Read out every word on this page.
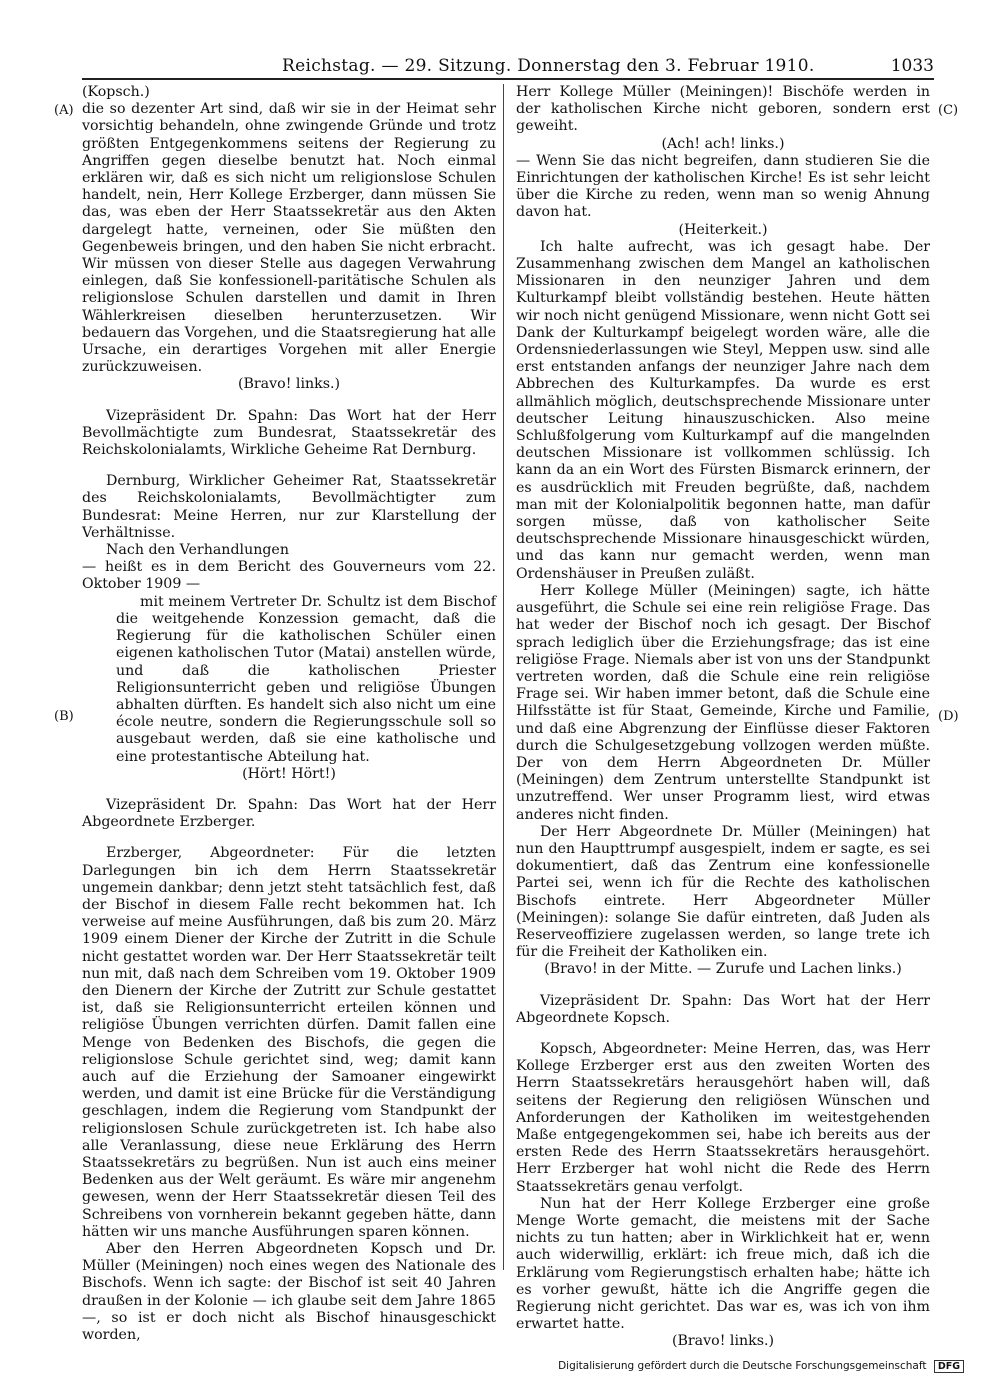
Reichstag. — 29. Sitzung. Donnerstag den 3. Februar 1910.	1033
(A)
(B)
(C)
(D)

(Kopsch.)

die so dezenter Art sind, daß wir sie in der Heimat sehr vorsichtig behandeln, ohne zwingende Gründe und trotz größten Entgegenkommens seitens der Regierung zu Angriffen gegen dieselbe benutzt hat. Noch einmal erklären wir, daß es sich nicht um religionslose Schulen handelt, nein, Herr Kollege Erzberger, dann müssen Sie das, was eben der Herr Staatssekretär aus den Akten dargelegt hatte, verneinen, oder Sie müßten den Gegenbeweis bringen, und den haben Sie nicht erbracht. Wir müssen von dieser Stelle aus dagegen Verwahrung einlegen, daß Sie konfessionell-paritätische Schulen als religionslose Schulen darstellen und damit in Ihren Wählerkreisen dieselben herunterzusetzen. Wir bedauern das Vorgehen, und die Staatsregierung hat alle Ursache, ein derartiges Vorgehen mit aller Energie zurückzuweisen.

(Bravo! links.)

Vizepräsident Dr. Spahn: Das Wort hat der Herr Bevollmächtigte zum Bundesrat, Staatssekretär des Reichskolonialamts, Wirkliche Geheime Rat Dernburg.

Dernburg, Wirklicher Geheimer Rat, Staatssekretär des Reichskolonialamts, Bevollmächtigter zum Bundesrat: Meine Herren, nur zur Klarstellung der Verhältnisse.

Nach den Verhandlungen

— heißt es in dem Bericht des Gouverneurs vom 22. Oktober 1909 —

mit meinem Vertreter Dr. Schultz ist dem Bischof die weitgehende Konzession gemacht, daß die Regierung für die katholischen Schüler einen eigenen katholischen Tutor (Matai) anstellen würde, und daß die katholischen Priester Religionsunterricht geben und religiöse Übungen abhalten dürften. Es handelt sich also nicht um eine école neutre, sondern die Regierungsschule soll so ausgebaut werden, daß sie eine katholische und eine protestantische Abteilung hat.

(Hört! Hört!)

Vizepräsident Dr. Spahn: Das Wort hat der Herr Abgeordnete Erzberger.

Erzberger, Abgeordneter: Für die letzten Darlegungen bin ich dem Herrn Staatssekretär ungemein dankbar; denn jetzt steht tatsächlich fest, daß der Bischof in diesem Falle recht bekommen hat. Ich verweise auf meine Ausführungen, daß bis zum 20. März 1909 einem Diener der Kirche der Zutritt in die Schule nicht gestattet worden war. Der Herr Staatssekretär teilt nun mit, daß nach dem Schreiben vom 19. Oktober 1909 den Dienern der Kirche der Zutritt zur Schule gestattet ist, daß sie Religionsunterricht erteilen können und religiöse Übungen verrichten dürfen. Damit fallen eine Menge von Bedenken des Bischofs, die gegen die religionslose Schule gerichtet sind, weg; damit kann auch auf die Erziehung der Samoaner eingewirkt werden, und damit ist eine Brücke für die Verständigung geschlagen, indem die Regierung vom Standpunkt der religionslosen Schule zurückgetreten ist. Ich habe also alle Veranlassung, diese neue Erklärung des Herrn Staatssekretärs zu begrüßen. Nun ist auch eins meiner Bedenken aus der Welt geräumt. Es wäre mir angenehm gewesen, wenn der Herr Staatssekretär diesen Teil des Schreibens von vornherein bekannt gegeben hätte, dann hätten wir uns manche Ausführungen sparen können.

Aber den Herren Abgeordneten Kopsch und Dr. Müller (Meiningen) noch eines wegen des Nationale des Bischofs. Wenn ich sagte: der Bischof ist seit 40 Jahren draußen in der Kolonie — ich glaube seit dem Jahre 1865 —, so ist er doch nicht als Bischof hinausgeschickt worden,

Herr Kollege Müller (Meiningen)! Bischöfe werden in der katholischen Kirche nicht geboren, sondern erst geweiht.

(Ach! ach! links.)

— Wenn Sie das nicht begreifen, dann studieren Sie die Einrichtungen der katholischen Kirche! Es ist sehr leicht über die Kirche zu reden, wenn man so wenig Ahnung davon hat.

(Heiterkeit.)

Ich halte aufrecht, was ich gesagt habe. Der Zusammenhang zwischen dem Mangel an katholischen Missionaren in den neunziger Jahren und dem Kulturkampf bleibt vollständig bestehen. Heute hätten wir noch nicht genügend Missionare, wenn nicht Gott sei Dank der Kulturkampf beigelegt worden wäre, alle die Ordensniederlassungen wie Steyl, Meppen usw. sind alle erst entstanden anfangs der neunziger Jahre nach dem Abbrechen des Kulturkampfes. Da wurde es erst allmählich möglich, deutschsprechende Missionare unter deutscher Leitung hinauszuschicken. Also meine Schlußfolgerung vom Kulturkampf auf die mangelnden deutschen Missionare ist vollkommen schlüssig. Ich kann da an ein Wort des Fürsten Bismarck erinnern, der es ausdrücklich mit Freuden begrüßte, daß, nachdem man mit der Kolonialpolitik begonnen hatte, man dafür sorgen müsse, daß von katholischer Seite deutschsprechende Missionare hinausgeschickt würden, und das kann nur gemacht werden, wenn man Ordenshäuser in Preußen zuläßt.

Herr Kollege Müller (Meiningen) sagte, ich hätte ausgeführt, die Schule sei eine rein religiöse Frage. Das hat weder der Bischof noch ich gesagt. Der Bischof sprach lediglich über die Erziehungsfrage; das ist eine religiöse Frage. Niemals aber ist von uns der Standpunkt vertreten worden, daß die Schule eine rein religiöse Frage sei. Wir haben immer betont, daß die Schule eine Hilfsstätte ist für Staat, Gemeinde, Kirche und Familie, und daß eine Abgrenzung der Einflüsse dieser Faktoren durch die Schulgesetzgebung vollzogen werden müßte. Der von dem Herrn Abgeordneten Dr. Müller (Meiningen) dem Zentrum unterstellte Standpunkt ist unzutreffend. Wer unser Programm liest, wird etwas anderes nicht finden.

Der Herr Abgeordnete Dr. Müller (Meiningen) hat nun den Haupttrumpf ausgespielt, indem er sagte, es sei dokumentiert, daß das Zentrum eine konfessionelle Partei sei, wenn ich für die Rechte des katholischen Bischofs eintrete. Herr Abgeordneter Müller (Meiningen): solange Sie dafür eintreten, daß Juden als Reserveoffiziere zugelassen werden, so lange trete ich für die Freiheit der Katholiken ein.

(Bravo! in der Mitte. — Zurufe und Lachen links.)

Vizepräsident Dr. Spahn: Das Wort hat der Herr Abgeordnete Kopsch.

Kopsch, Abgeordneter: Meine Herren, das, was Herr Kollege Erzberger erst aus den zweiten Worten des Herrn Staatssekretärs herausgehört haben will, daß seitens der Regierung den religiösen Wünschen und Anforderungen der Katholiken im weitestgehenden Maße entgegengekommen sei, habe ich bereits aus der ersten Rede des Herrn Staatssekretärs herausgehört. Herr Erzberger hat wohl nicht die Rede des Herrn Staatssekretärs genau verfolgt.

Nun hat der Herr Kollege Erzberger eine große Menge Worte gemacht, die meistens mit der Sache nichts zu tun hatten; aber in Wirklichkeit hat er, wenn auch widerwillig, erklärt: ich freue mich, daß ich die Erklärung vom Regierungstisch erhalten habe; hätte ich es vorher gewußt, hätte ich die Angriffe gegen die Regierung nicht gerichtet. Das war es, was ich von ihm erwartet hatte.

(Bravo! links.)

Digitalisierung gefördert durch die Deutsche Forschungsgemeinschaft DFG
